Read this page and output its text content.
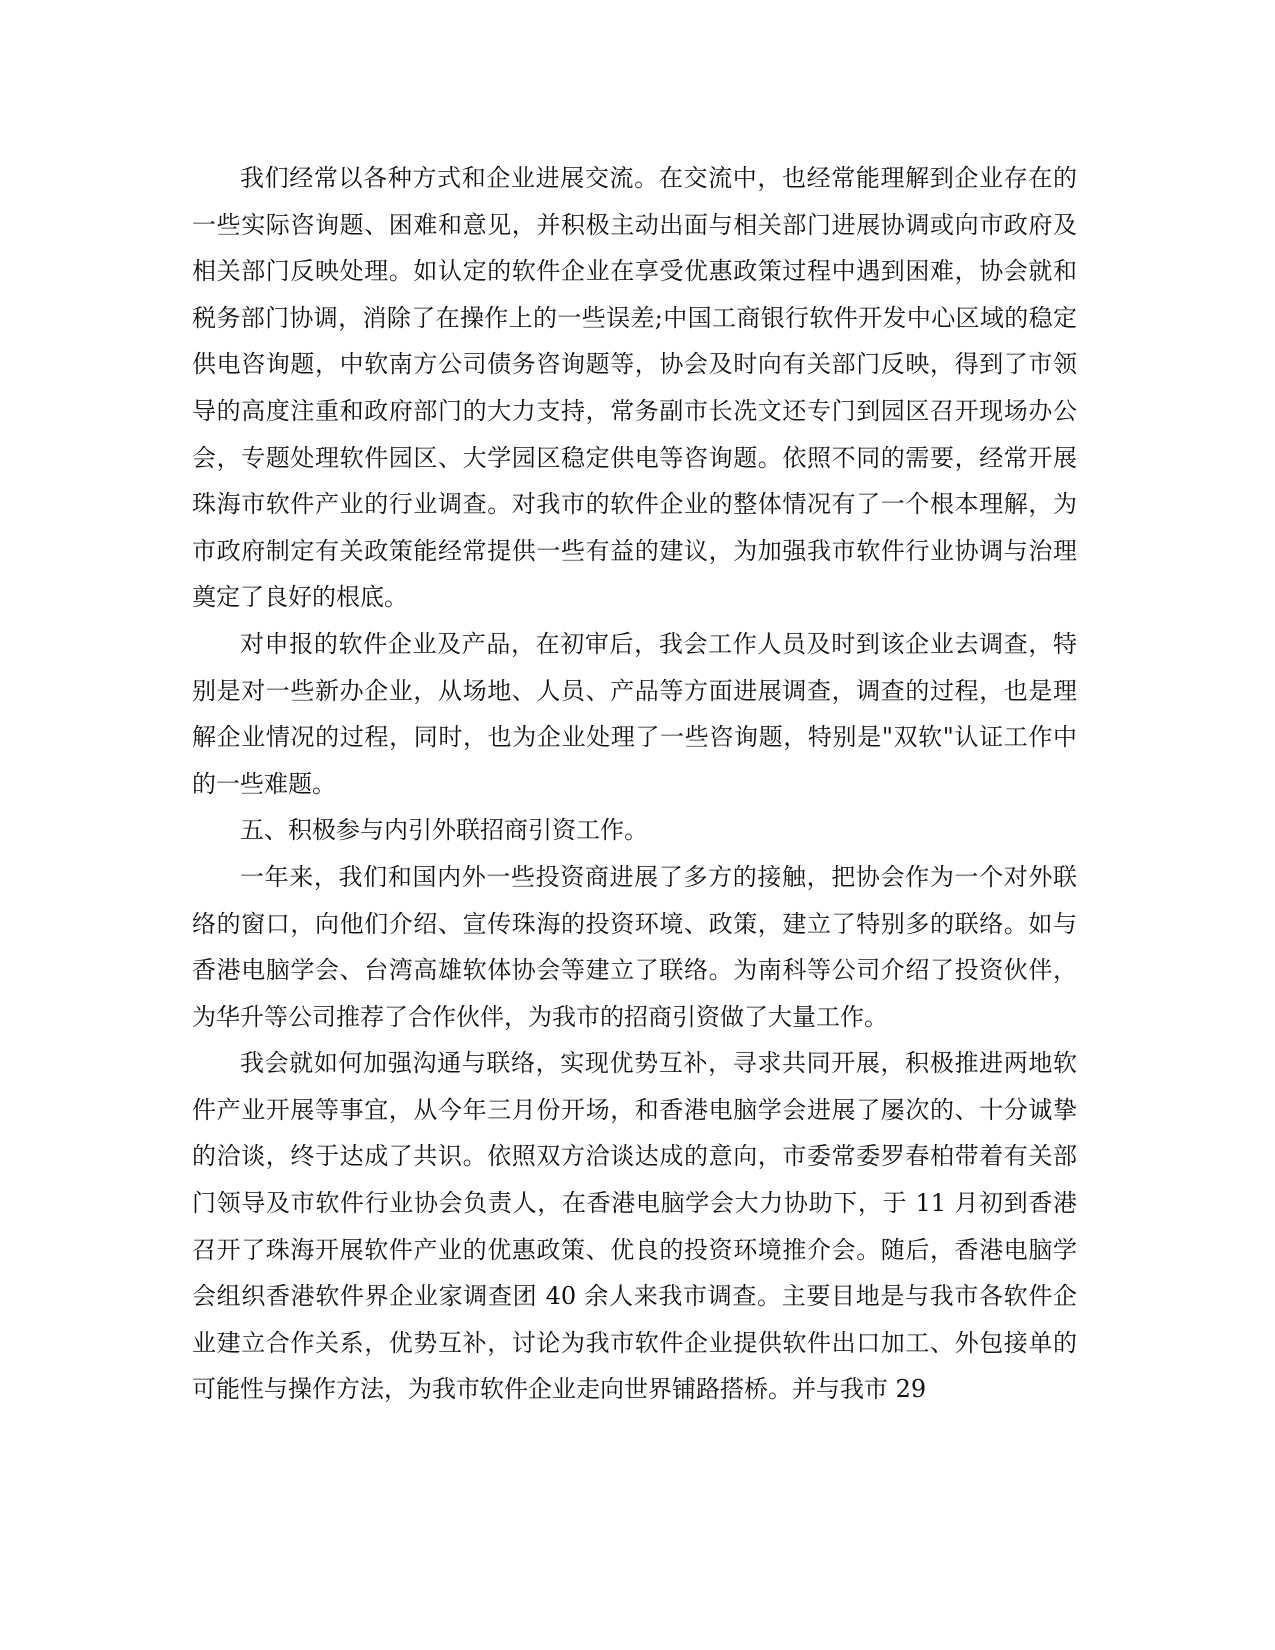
我们经常以各种方式和企业进展交流。在交流中，也经常能理解到企业存在的一些实际咨询题、困难和意见，并积极主动出面与相关部门进展协调或向市政府及相关部门反映处理。如认定的软件企业在享受优惠政策过程中遇到困难，协会就和税务部门协调，消除了在操作上的一些误差;中国工商银行软件开发中心区域的稳定供电咨询题，中软南方公司债务咨询题等，协会及时向有关部门反映，得到了市领导的高度注重和政府部门的大力支持，常务副市长冼文还专门到园区召开现场办公会，专题处理软件园区、大学园区稳定供电等咨询题。依照不同的需要，经常开展珠海市软件产业的行业调查。对我市的软件企业的整体情况有了一个根本理解，为市政府制定有关政策能经常提供一些有益的建议，为加强我市软件行业协调与治理奠定了良好的根底。

对申报的软件企业及产品，在初审后，我会工作人员及时到该企业去调查，特别是对一些新办企业，从场地、人员、产品等方面进展调查，调查的过程，也是理解企业情况的过程，同时，也为企业处理了一些咨询题，特别是"双软"认证工作中的一些难题。

五、积极参与内引外联招商引资工作。

一年来，我们和国内外一些投资商进展了多方的接触，把协会作为一个对外联络的窗口，向他们介绍、宣传珠海的投资环境、政策，建立了特别多的联络。如与香港电脑学会、台湾高雄软体协会等建立了联络。为南科等公司介绍了投资伙伴，为华升等公司推荐了合作伙伴，为我市的招商引资做了大量工作。

我会就如何加强沟通与联络，实现优势互补，寻求共同开展，积极推进两地软件产业开展等事宜，从今年三月份开场，和香港电脑学会进展了屡次的、十分诚挚的洽谈，终于达成了共识。依照双方洽谈达成的意向，市委常委罗春柏带着有关部门领导及市软件行业协会负责人，在香港电脑学会大力协助下，于 11 月初到香港召开了珠海开展软件产业的优惠政策、优良的投资环境推介会。随后，香港电脑学会组织香港软件界企业家调查团 40 余人来我市调查。主要目地是与我市各软件企业建立合作关系，优势互补，讨论为我市软件企业提供软件出口加工、外包接单的可能性与操作方法，为我市软件企业走向世界铺路搭桥。并与我市 29
